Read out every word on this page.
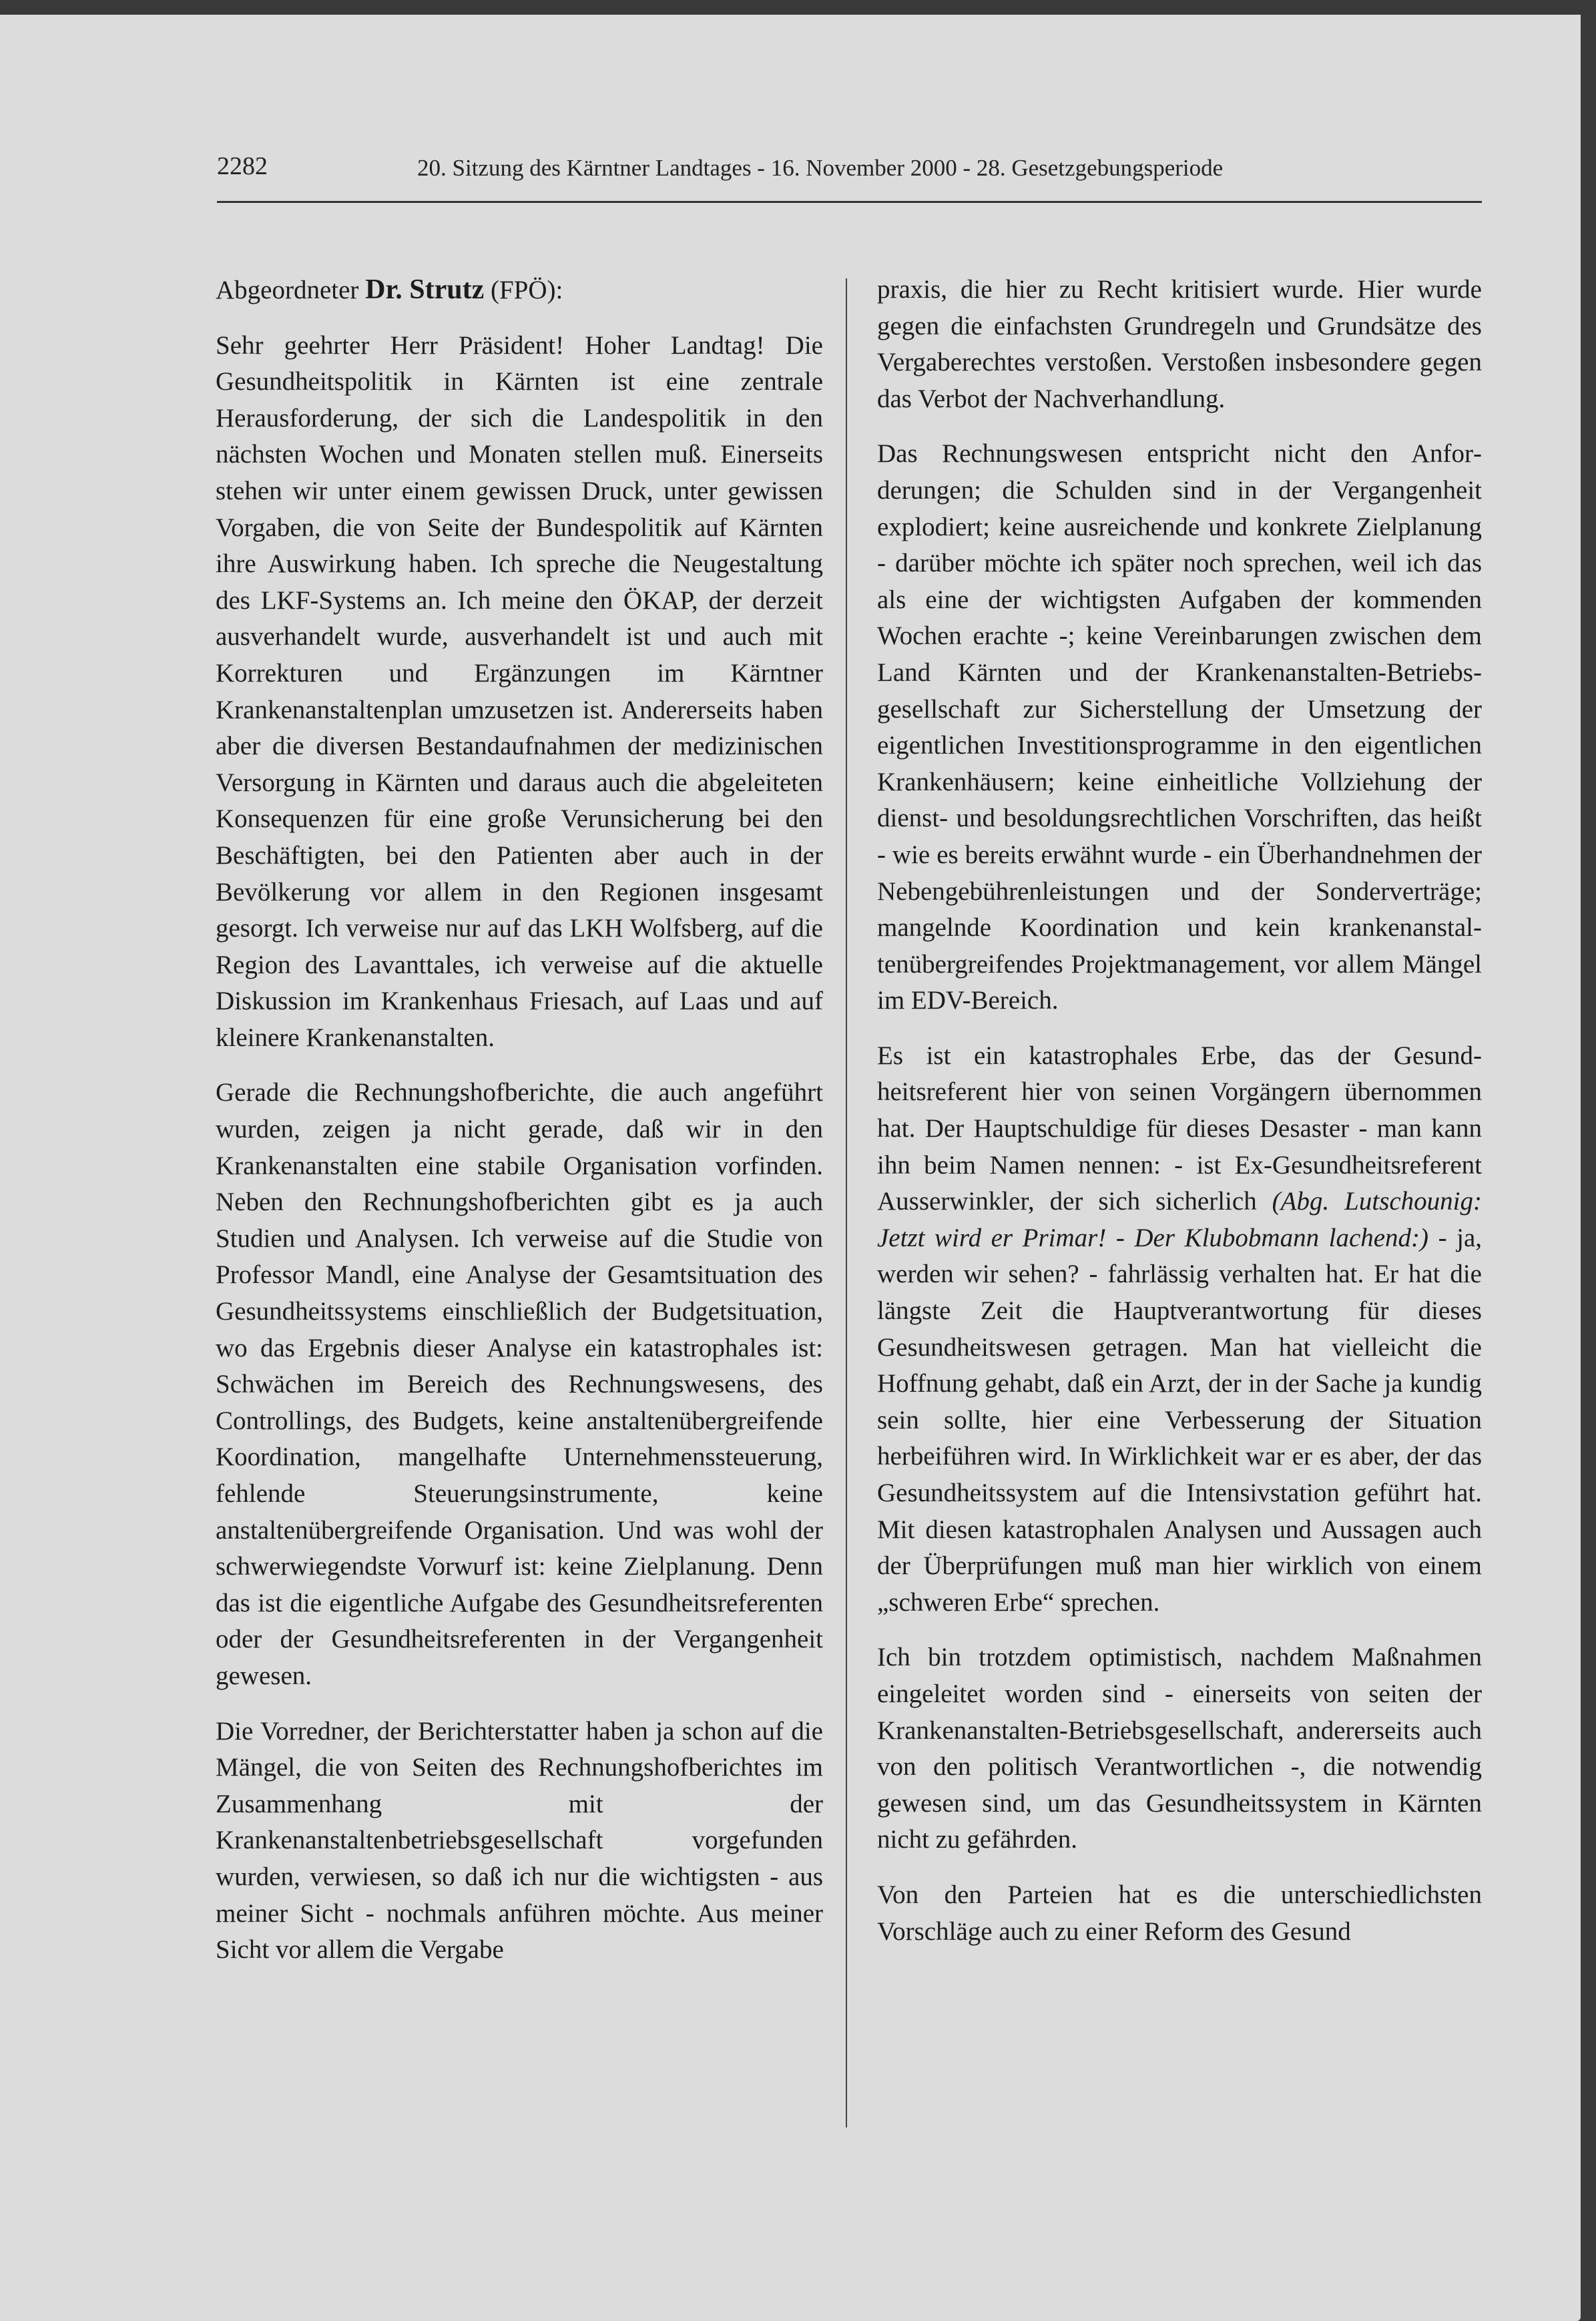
2282	20. Sitzung des Kärntner Landtages - 16. November 2000 - 28. Gesetzgebungsperiode

Abgeordneter Dr. Strutz (FPÖ):

Sehr geehrter Herr Präsident! Hoher Landtag! Die Gesundheitspolitik in Kärnten ist eine zentrale Herausforderung, der sich die Landespolitik in den nächsten Wochen und Monaten stellen muß. Einerseits stehen wir unter einem gewissen Druck, unter gewissen Vorgaben, die von Seite der Bundespolitik auf Kärnten ihre Auswirkung haben. Ich spreche die Neugestaltung des LKF-Systems an. Ich meine den ÖKAP, der derzeit ausverhandelt wurde, ausverhandelt ist und auch mit Korrekturen und Ergänzungen im Kärntner Krankenanstaltenplan umzusetzen ist. Andererseits haben aber die diversen Bestandaufnahmen der medizinischen Versorgung in Kärnten und daraus auch die abgeleiteten Konsequenzen für eine große Verunsicherung bei den Beschäftigten, bei den Patienten aber auch in der Bevölkerung vor allem in den Regionen insgesamt gesorgt. Ich verweise nur auf das LKH Wolfsberg, auf die Region des Lavanttales, ich verweise auf die aktuelle Diskussion im Krankenhaus Friesach, auf Laas und auf kleinere Krankenanstalten.

Gerade die Rechnungshofberichte, die auch angeführt wurden, zeigen ja nicht gerade, daß wir in den Krankenanstalten eine stabile Organisation vorfinden. Neben den Rechnungshofberichten gibt es ja auch Studien und Analysen. Ich verweise auf die Studie von Professor Mandl, eine Analyse der Gesamtsituation des Gesundheitssystems einschließlich der Budgetsituation, wo das Ergebnis dieser Analyse ein katastrophales ist: Schwächen im Bereich des Rechnungswesens, des Controllings, des Budgets, keine anstaltenübergreifende Koordination, mangelhafte Unternehmenssteuerung, fehlende Steuerungsinstrumente, keine anstaltenübergreifende Organisation. Und was wohl der schwerwiegendste Vorwurf ist: keine Zielplanung. Denn das ist die eigentliche Aufgabe des Gesundheitsreferenten oder der Gesundheitsreferenten in der Vergangenheit gewesen.

Die Vorredner, der Berichterstatter haben ja schon auf die Mängel, die von Seiten des Rechnungshofberichtes im Zusammenhang mit der Krankenanstaltenbetriebsgesellschaft vorgefunden wurden, verwiesen, so daß ich nur die wichtigsten - aus meiner Sicht - nochmals anführen möchte. Aus meiner Sicht vor allem die Vergabe

praxis, die hier zu Recht kritisiert wurde. Hier wurde gegen die einfachsten Grundregeln und Grundsätze des Vergaberechtes verstoßen. Verstoßen insbesondere gegen das Verbot der Nachverhandlung.

Das Rechnungswesen entspricht nicht den Anforderungen; die Schulden sind in der Vergangenheit explodiert; keine ausreichende und konkrete Zielplanung - darüber möchte ich später noch sprechen, weil ich das als eine der wichtigsten Aufgaben der kommenden Wochen erachte -; keine Vereinbarungen zwischen dem Land Kärnten und der Krankenanstalten-Betriebsgesellschaft zur Sicherstellung der Umsetzung der eigentlichen Investitionsprogramme in den eigentlichen Krankenhäusern; keine einheitliche Vollziehung der dienst- und besoldungsrechtlichen Vorschriften, das heißt - wie es bereits erwähnt wurde - ein Überhandnehmen der Nebengebührenleistungen und der Sonderverträge; mangelnde Koordination und kein krankenanstaltenübergreifendes Projektmanagement, vor allem Mängel im EDV-Bereich.

Es ist ein katastrophales Erbe, das der Gesundheitsreferent hier von seinen Vorgängern übernommen hat. Der Hauptschuldige für dieses Desaster - man kann ihn beim Namen nennen: - ist Ex-Gesundheitsreferent Ausserwinkler, der sich sicherlich (Abg. Lutschounig: Jetzt wird er Primar! - Der Klubobmann lachend:) - ja, werden wir sehen? - fahrlässig verhalten hat. Er hat die längste Zeit die Hauptverantwortung für dieses Gesundheitswesen getragen. Man hat vielleicht die Hoffnung gehabt, daß ein Arzt, der in der Sache ja kundig sein sollte, hier eine Verbesserung der Situation herbeiführen wird. In Wirklichkeit war er es aber, der das Gesundheitssystem auf die Intensivstation geführt hat. Mit diesen katastrophalen Analysen und Aussagen auch der Überprüfungen muß man hier wirklich von einem „schweren Erbe“ sprechen.

Ich bin trotzdem optimistisch, nachdem Maßnahmen eingeleitet worden sind - einerseits von seiten der Krankenanstalten-Betriebsgesellschaft, andererseits auch von den politisch Verantwortlichen -, die notwendig gewesen sind, um das Gesundheitssystem in Kärnten nicht zu gefährden.

Von den Parteien hat es die unterschiedlichsten Vorschläge auch zu einer Reform des Gesund
